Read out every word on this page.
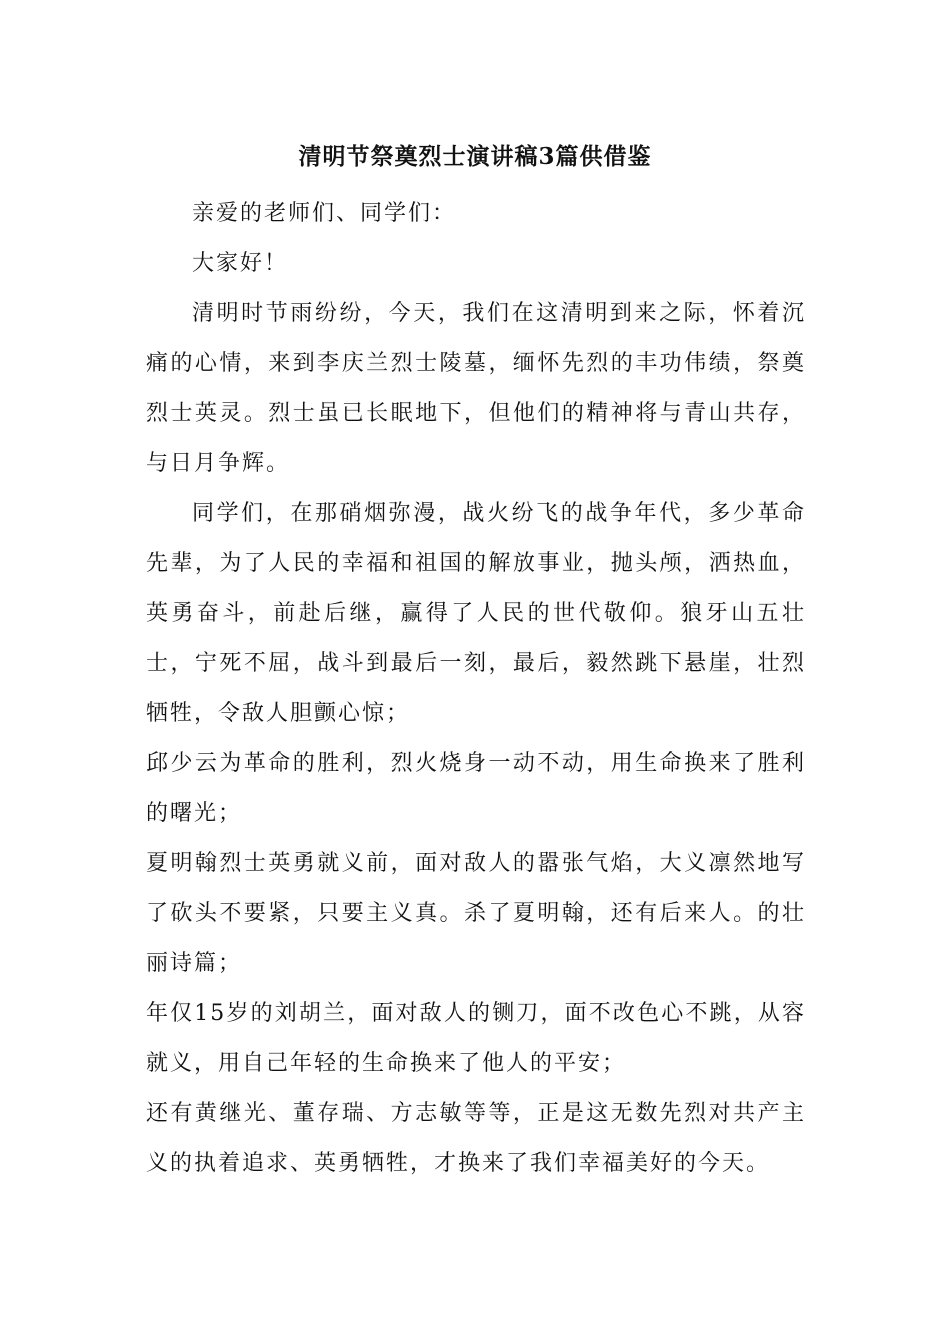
清明节祭奠烈士演讲稿3篇供借鉴

亲爱的老师们、同学们：

大家好！

清明时节雨纷纷，今天，我们在这清明到来之际，怀着沉痛的心情，来到李庆兰烈士陵墓，缅怀先烈的丰功伟绩，祭奠烈士英灵。烈士虽已长眠地下，但他们的精神将与青山共存，与日月争辉。

同学们，在那硝烟弥漫，战火纷飞的战争年代，多少革命先辈，为了人民的幸福和祖国的解放事业，抛头颅，洒热血，英勇奋斗，前赴后继，赢得了人民的世代敬仰。狼牙山五壮士，宁死不屈，战斗到最后一刻，最后，毅然跳下悬崖，壮烈牺牲，令敌人胆颤心惊；

邱少云为革命的胜利，烈火烧身一动不动，用生命换来了胜利的曙光；

夏明翰烈士英勇就义前，面对敌人的嚣张气焰，大义凛然地写了砍头不要紧，只要主义真。杀了夏明翰，还有后来人。的壮丽诗篇；

年仅15岁的刘胡兰，面对敌人的铡刀，面不改色心不跳，从容就义，用自己年轻的生命换来了他人的平安；

还有黄继光、董存瑞、方志敏等等，正是这无数先烈对共产主义的执着追求、英勇牺牲，才换来了我们幸福美好的今天。
